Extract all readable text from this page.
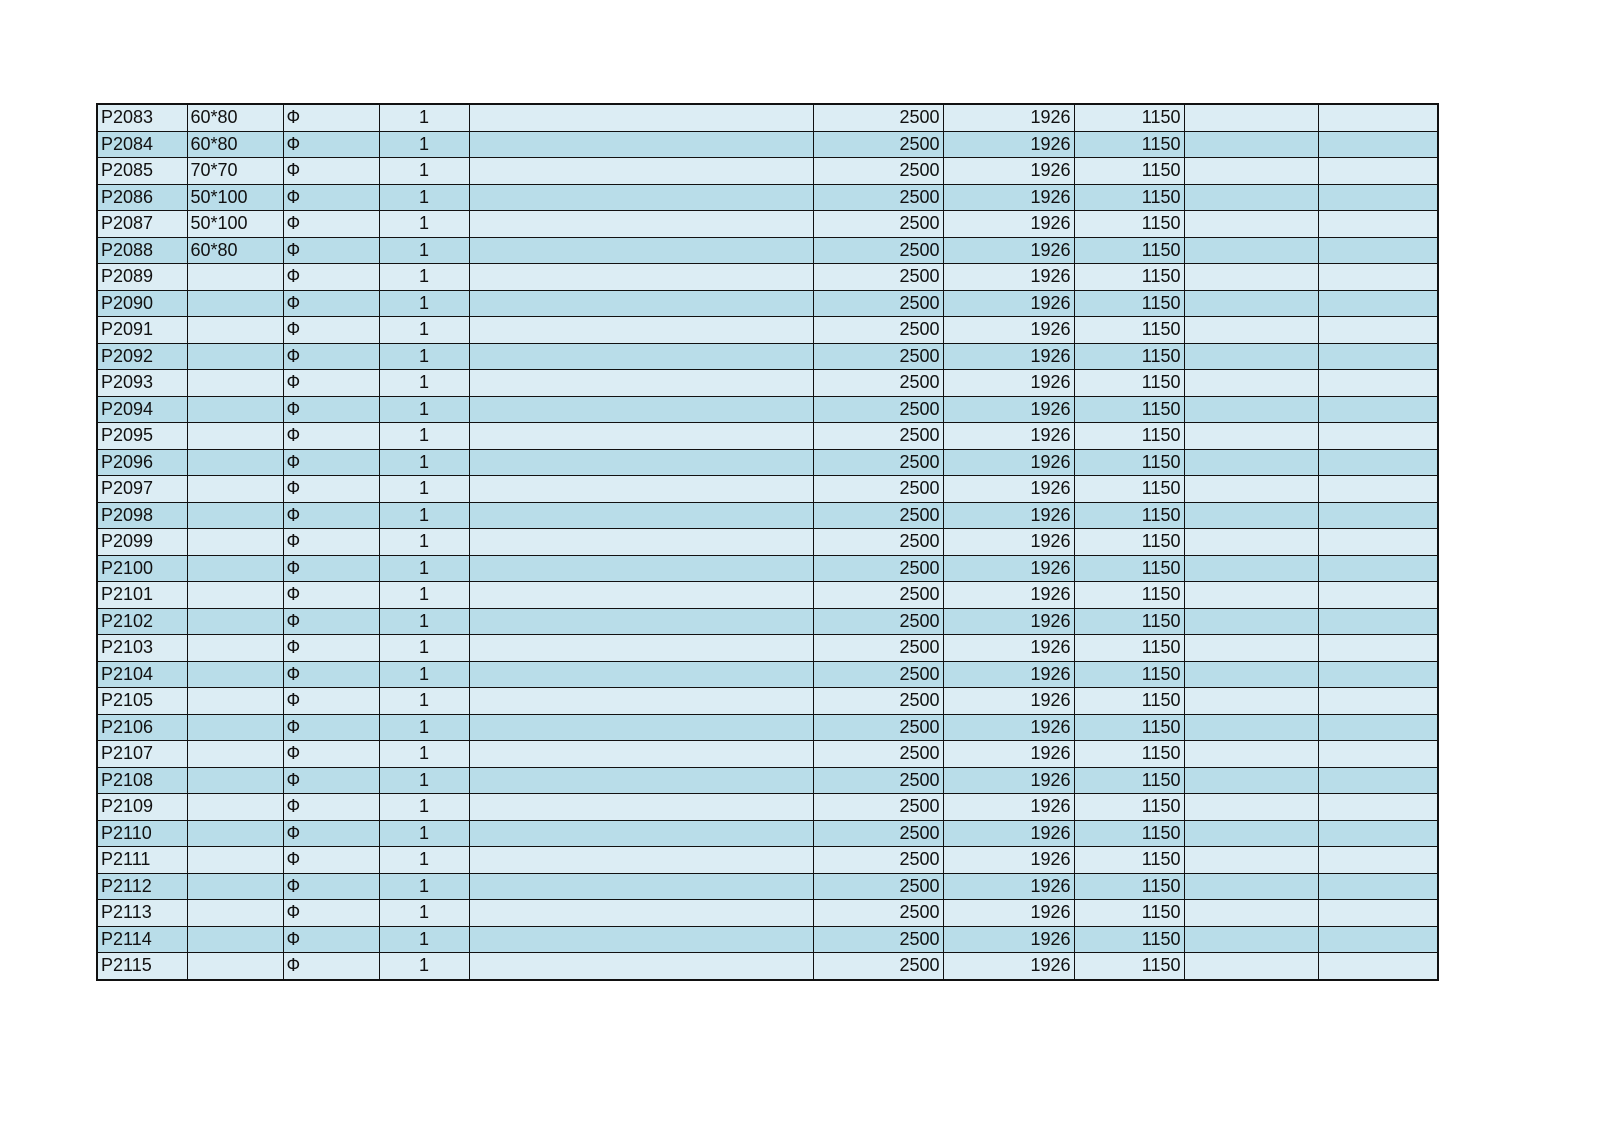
P2083	60*80	Ф	1		2500	1926	1150		
P2084	60*80	Ф	1		2500	1926	1150		
P2085	70*70	Ф	1		2500	1926	1150		
P2086	50*100	Ф	1		2500	1926	1150		
P2087	50*100	Ф	1		2500	1926	1150		
P2088	60*80	Ф	1		2500	1926	1150		
P2089		Ф	1		2500	1926	1150		
P2090		Ф	1		2500	1926	1150		
P2091		Ф	1		2500	1926	1150		
P2092		Ф	1		2500	1926	1150		
P2093		Ф	1		2500	1926	1150		
P2094		Ф	1		2500	1926	1150		
P2095		Ф	1		2500	1926	1150		
P2096		Ф	1		2500	1926	1150		
P2097		Ф	1		2500	1926	1150		
P2098		Ф	1		2500	1926	1150		
P2099		Ф	1		2500	1926	1150		
P2100		Ф	1		2500	1926	1150		
P2101		Ф	1		2500	1926	1150		
P2102		Ф	1		2500	1926	1150		
P2103		Ф	1		2500	1926	1150		
P2104		Ф	1		2500	1926	1150		
P2105		Ф	1		2500	1926	1150		
P2106		Ф	1		2500	1926	1150		
P2107		Ф	1		2500	1926	1150		
P2108		Ф	1		2500	1926	1150		
P2109		Ф	1		2500	1926	1150		
P2110		Ф	1		2500	1926	1150		
P2111		Ф	1		2500	1926	1150		
P2112		Ф	1		2500	1926	1150		
P2113		Ф	1		2500	1926	1150		
P2114		Ф	1		2500	1926	1150		
P2115		Ф	1		2500	1926	1150		
